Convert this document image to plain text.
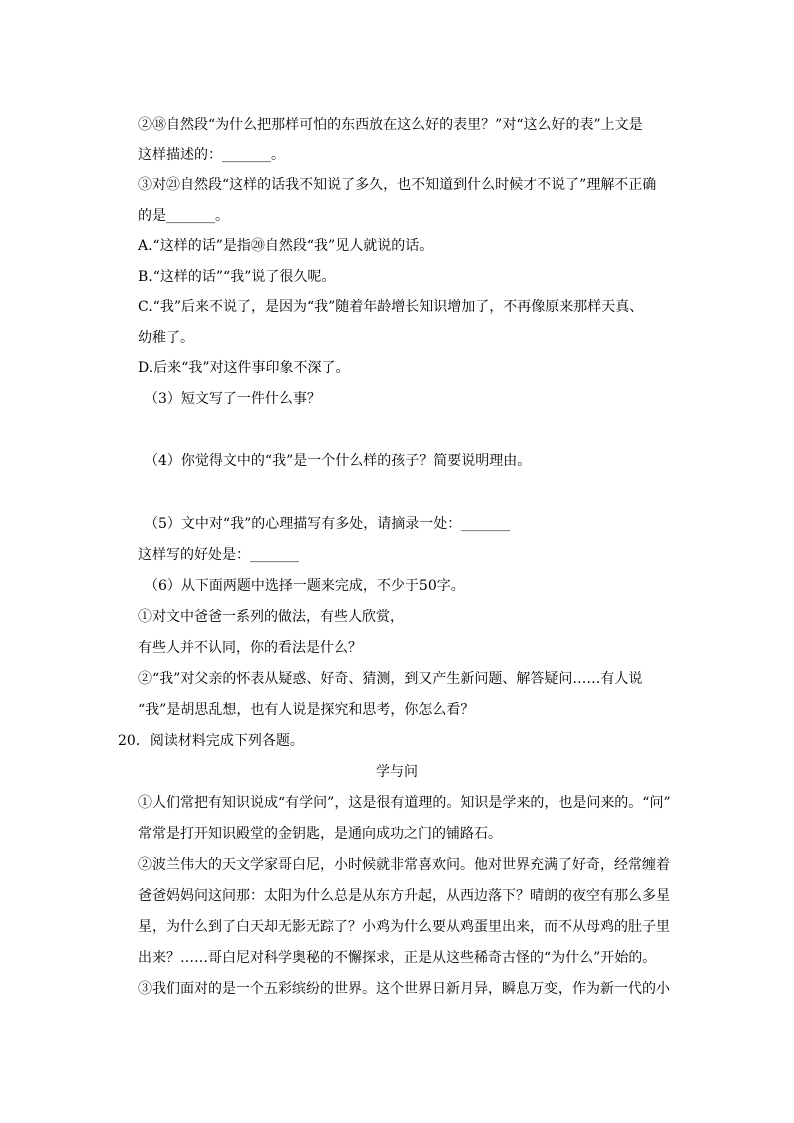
②⑱自然段“为什么把那样可怕的东西放在这么好的表里？”对“这么好的表”上文是
这样描述的：_______。
③对㉑自然段“这样的话我不知说了多久，也不知道到什么时候才不说了”理解不正确
的是_______。
A.“这样的话”是指⑳自然段“我”见人就说的话。
B.“这样的话”“我”说了很久呢。
C.“我”后来不说了，是因为“我”随着年龄增长知识增加了，不再像原来那样天真、
幼稚了。
D.后来“我”对这件事印象不深了。
（3）短文写了一件什么事？
（4）你觉得文中的“我”是一个什么样的孩子？简要说明理由。
（5）文中对“我”的心理描写有多处，请摘录一处：_______
这样写的好处是：_______
（6）从下面两题中选择一题来完成，不少于50字。
①对文中爸爸一系列的做法，有些人欣赏，
有些人并不认同，你的看法是什么？
②“我”对父亲的怀表从疑惑、好奇、猜测，到又产生新问题、解答疑问……有人说
“我”是胡思乱想，也有人说是探究和思考，你怎么看？
20．阅读材料完成下列各题。
学与问
①人们常把有知识说成“有学问”，这是很有道理的。知识是学来的，也是问来的。“问”
常常是打开知识殿堂的金钥匙，是通向成功之门的铺路石。
②波兰伟大的天文学家哥白尼，小时候就非常喜欢问。他对世界充满了好奇，经常缠着
爸爸妈妈问这问那：太阳为什么总是从东方升起，从西边落下？晴朗的夜空有那么多星
星，为什么到了白天却无影无踪了？小鸡为什么要从鸡蛋里出来，而不从母鸡的肚子里
出来？……哥白尼对科学奥秘的不懈探求，正是从这些稀奇古怪的“为什么”开始的。
③我们面对的是一个五彩缤纷的世界。这个世界日新月异，瞬息万变，作为新一代的小
